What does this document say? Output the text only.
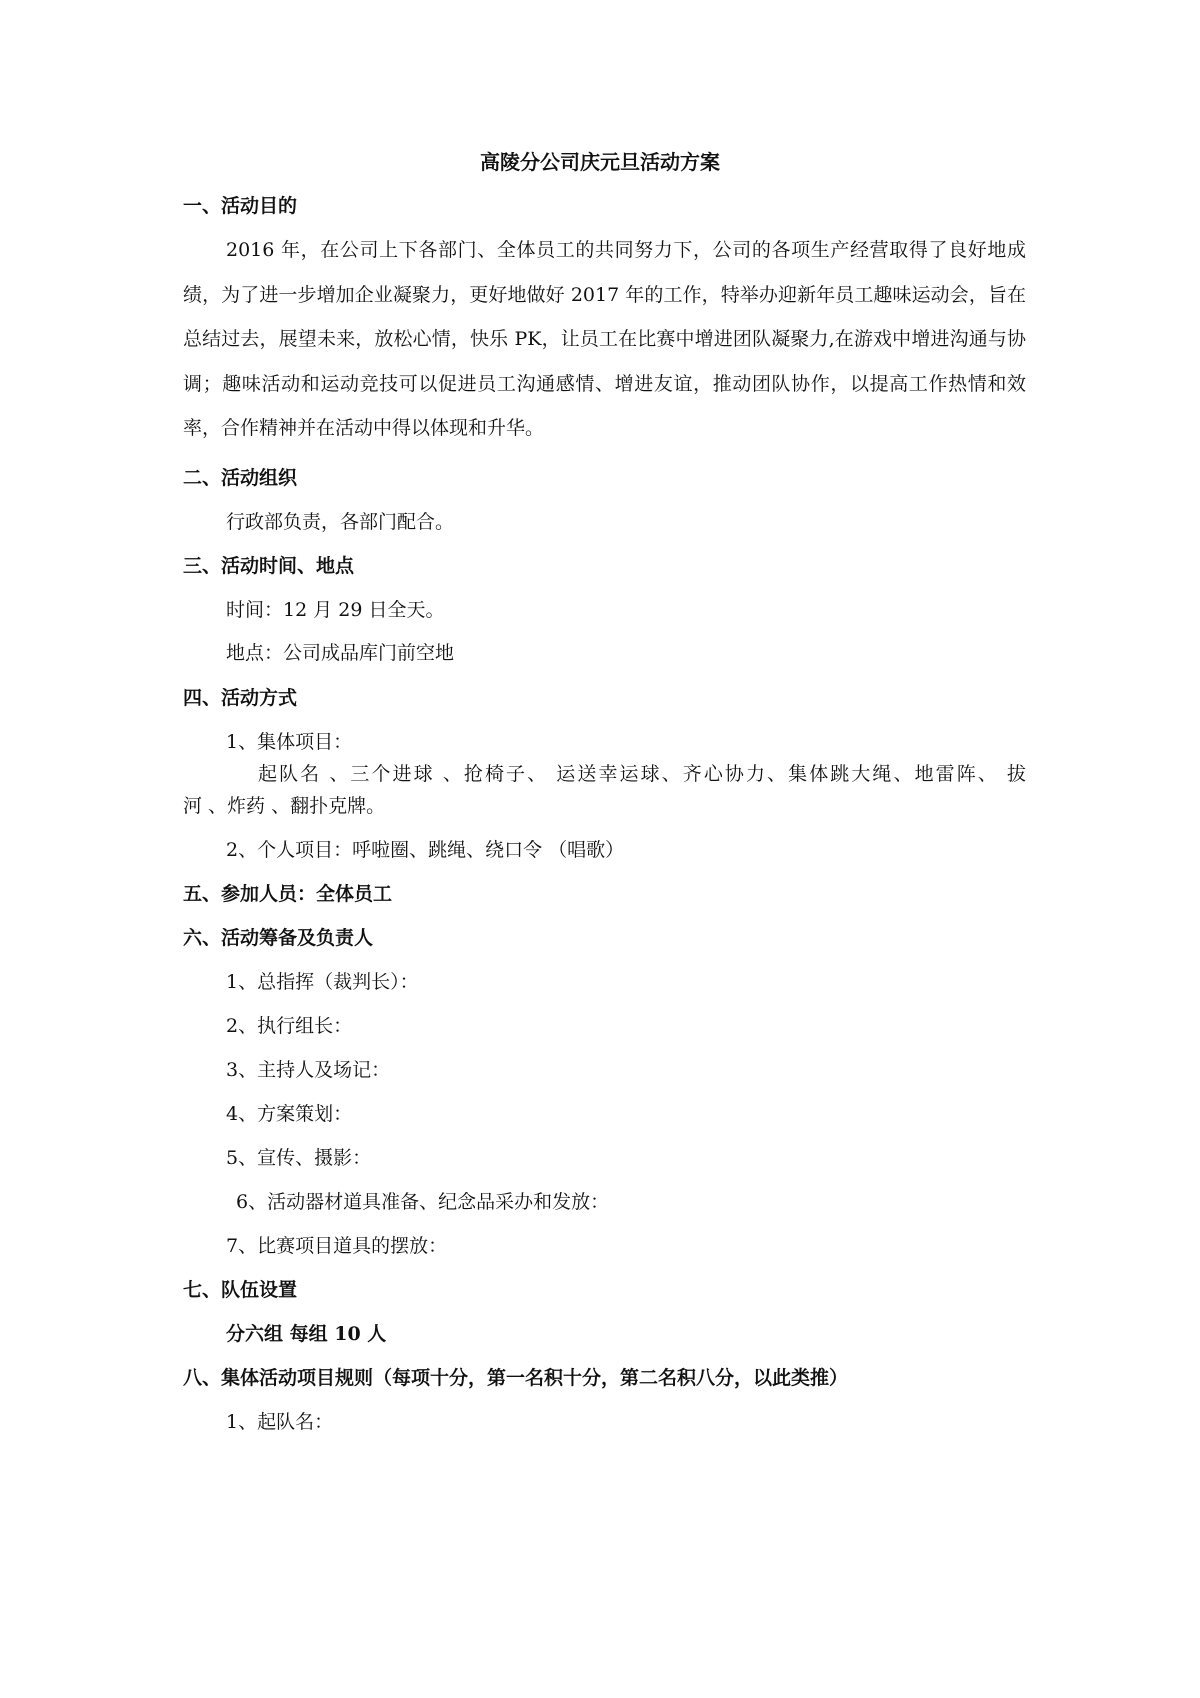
高陵分公司庆元旦活动方案
一、活动目的
2016 年，在公司上下各部门、全体员工的共同努力下，公司的各项生产经营取得了良好地成绩，为了进一步增加企业凝聚力，更好地做好 2017 年的工作，特举办迎新年员工趣味运动会，旨在总结过去，展望未来，放松心情，快乐 PK，让员工在比赛中增进团队凝聚力,在游戏中增进沟通与协调；趣味活动和运动竞技可以促进员工沟通感情、增进友谊，推动团队协作，以提高工作热情和效率，合作精神并在活动中得以体现和升华。
二、活动组织
行政部负责，各部门配合。
三、活动时间、地点
时间：12 月 29 日全天。
地点：公司成品库门前空地
四、活动方式
1、集体项目：
起队名 、三个进球 、抢椅子、 运送幸运球、齐心协力、集体跳大绳、地雷阵、 拔
河 、炸药 、翻扑克牌。
2、个人项目：呼啦圈、跳绳、绕口令 （唱歌）
五、参加人员：全体员工
六、活动筹备及负责人
1、总指挥（裁判长）：
2、执行组长：
3、主持人及场记：
4、方案策划：
5、宣传、摄影：
6、活动器材道具准备、纪念品采办和发放：
7、比赛项目道具的摆放：
七、队伍设置
分六组 每组 10 人
八、集体活动项目规则（每项十分，第一名积十分，第二名积八分，以此类推）
1、起队名：
